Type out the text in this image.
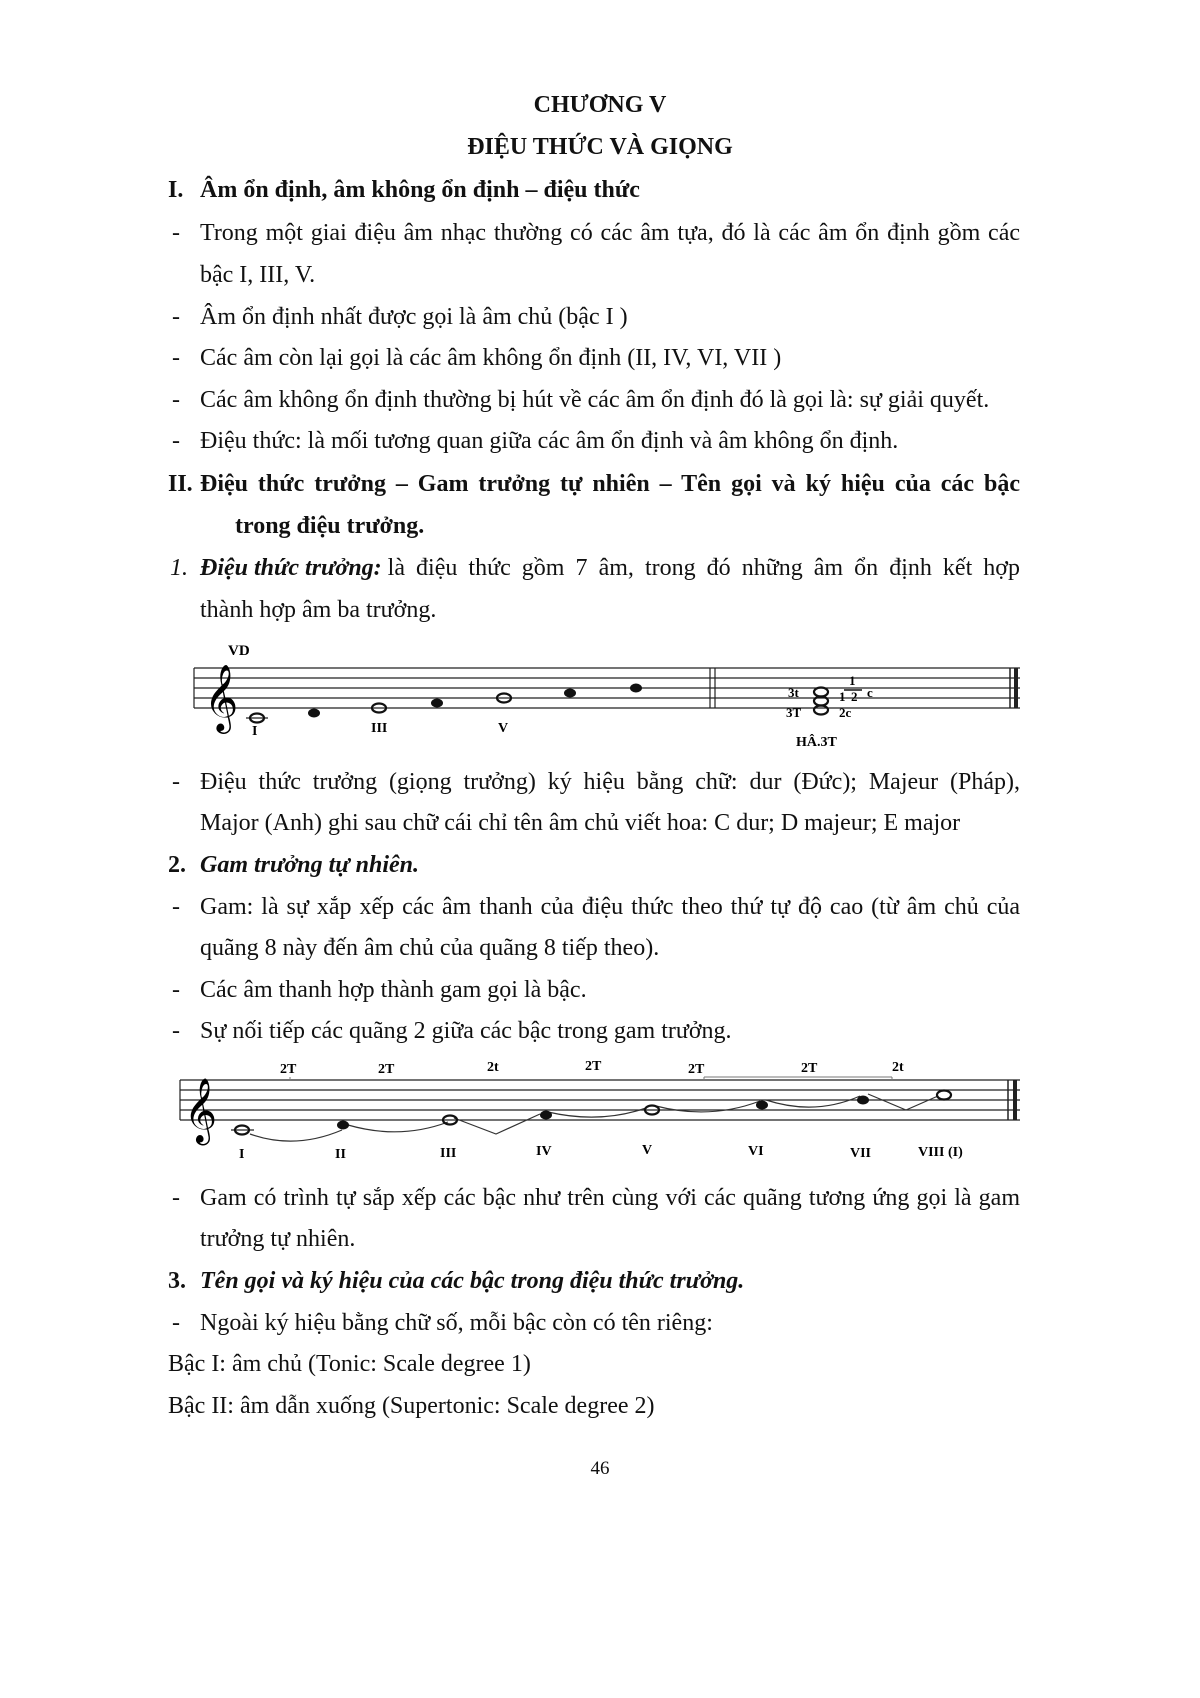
CHƯƠNG V
ĐIỆU THỨC VÀ GIỌNG
I. Âm ổn định, âm không ổn định – điệu thức
- Trong một giai điệu âm nhạc thường có các âm tựa, đó là các âm ổn định gồm các
bậc I, III, V.
- Âm ổn định nhất được gọi là âm chủ (bậc I )
- Các âm còn lại gọi là các âm không ổn định (II, IV, VI, VII )
- Các âm không ổn định thường bị hút về các âm ổn định đó là gọi là: sự giải quyết.
- Điệu thức: là mối tương quan giữa các âm ổn định và âm không ổn định.
II. Điệu thức trưởng – Gam trưởng tự nhiên – Tên gọi và ký hiệu của các bậc
trong điệu trưởng.
1. Điệu thức trưởng: là điệu thức gồm 7 âm, trong đó những âm ổn định kết hợp
thành hợp âm ba trưởng.
𝄞
VD
I	III	V
3t
3T
1
1 2 c
2c
HÂ.3T
- Điệu thức trưởng (giọng trưởng) ký hiệu bằng chữ: dur (Đức); Majeur (Pháp),
Major (Anh) ghi sau chữ cái chỉ tên âm chủ viết hoa: C dur; D majeur; E major
2. Gam trưởng tự nhiên.
- Gam: là sự xắp xếp các âm thanh của điệu thức theo thứ tự độ cao (từ âm chủ của
quãng 8 này đến âm chủ của quãng 8 tiếp theo).
- Các âm thanh hợp thành gam gọi là bậc.
- Sự nối tiếp các quãng 2 giữa các bậc trong gam trưởng.
𝄞
2T	2T	2t	2T	2T	2T	2t
I	II	III	IV	V	VI	VII	VIII (I)
- Gam có trình tự sắp xếp các bậc như trên cùng với các quãng tương ứng gọi là gam
trưởng tự nhiên.
3. Tên gọi và ký hiệu của các bậc trong điệu thức trưởng.
- Ngoài ký hiệu bằng chữ số, mỗi bậc còn có tên riêng:
Bậc I: âm chủ (Tonic: Scale degree 1)
Bậc II: âm dẫn xuống (Supertonic: Scale degree 2)
46
